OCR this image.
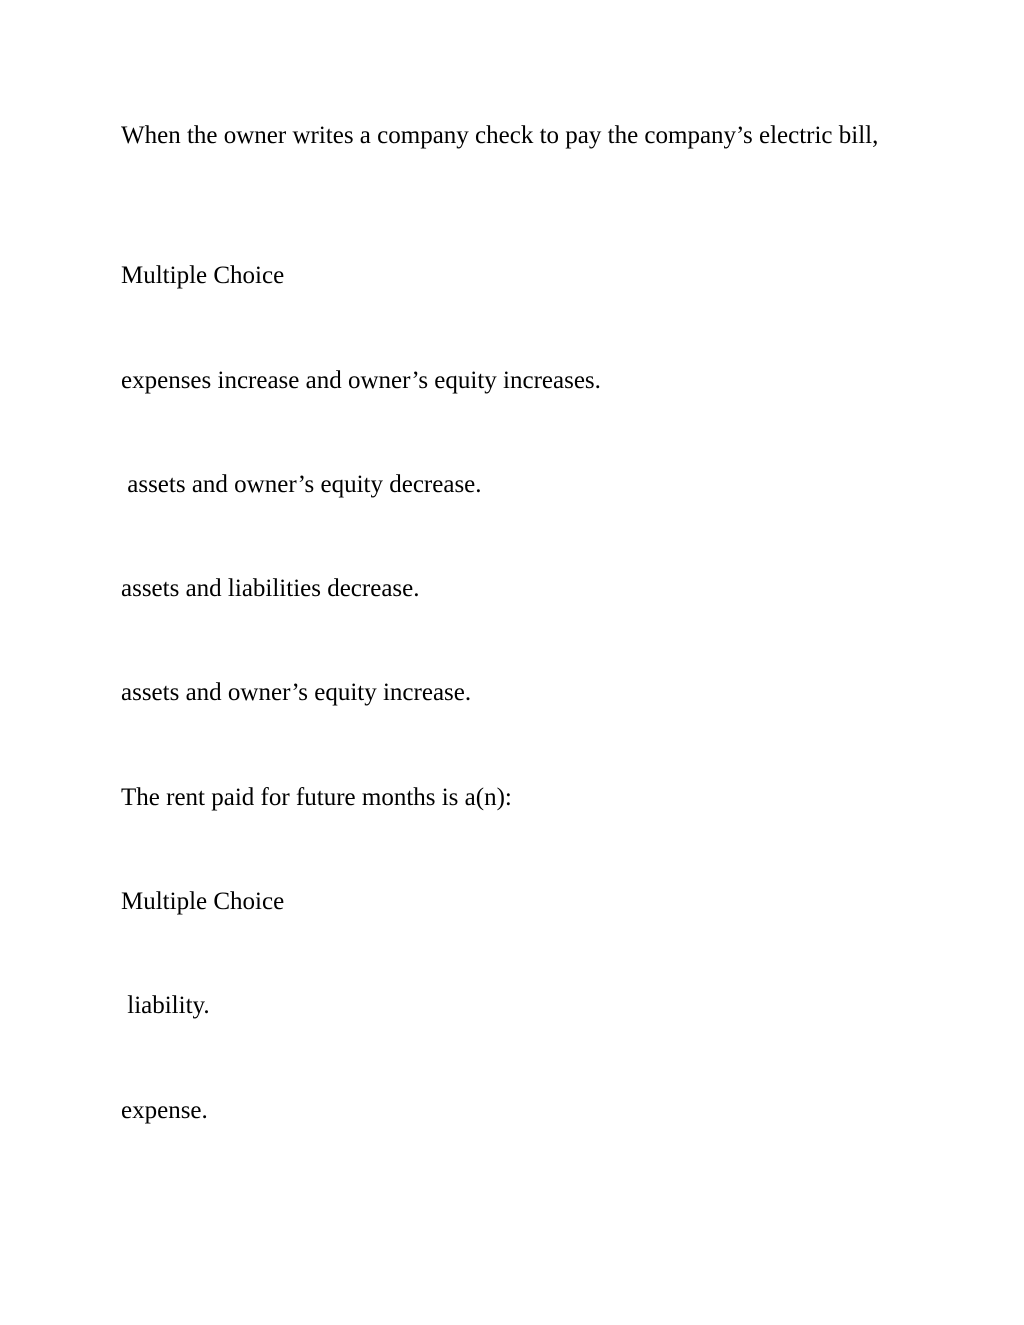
When the owner writes a company check to pay the company’s electric bill,

Multiple Choice

expenses increase and owner’s equity increases.

assets and owner’s equity decrease.

assets and liabilities decrease.

assets and owner’s equity increase.

The rent paid for future months is a(n):

Multiple Choice

liability.

expense.
